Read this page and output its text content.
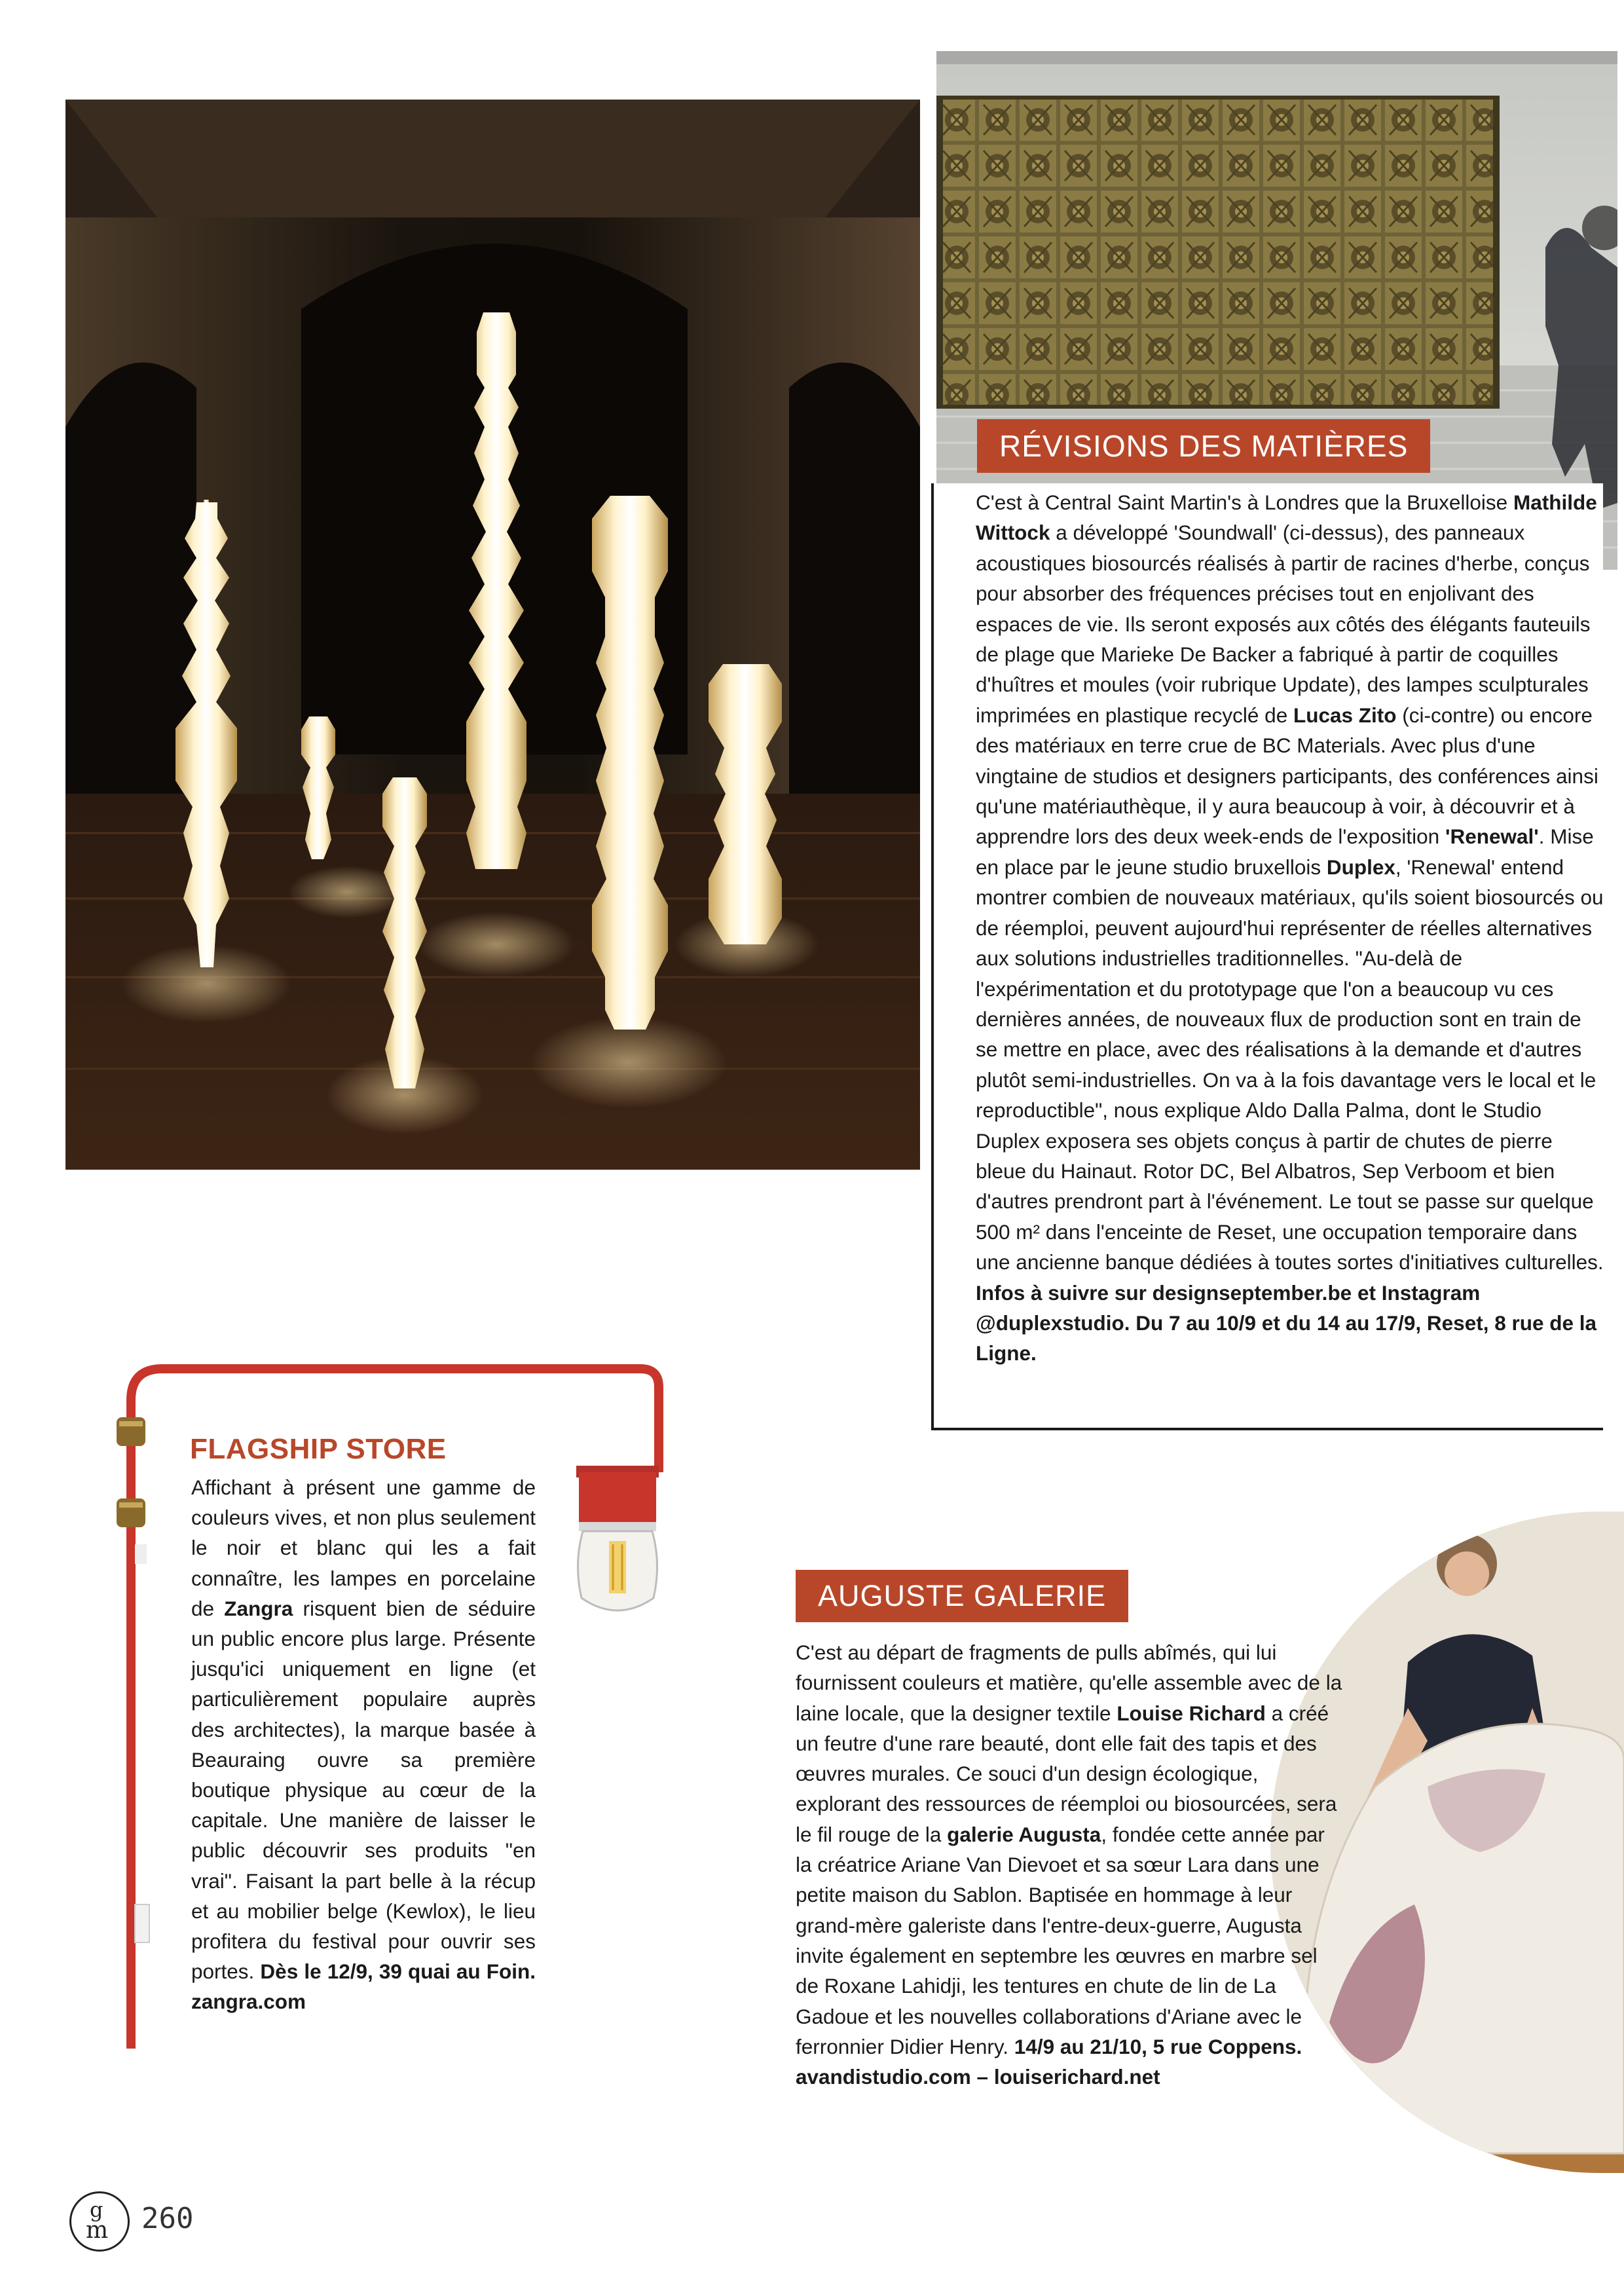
RÉVISIONS DES MATIÈRES

C'est à Central Saint Martin's à Londres que la Bruxelloise Mathilde Wittock a développé 'Soundwall' (ci-dessus), des panneaux acoustiques biosourcés réalisés à partir de racines d'herbe, conçus pour absorber des fréquences précises tout en enjolivant des espaces de vie. Ils seront exposés aux côtés des élégants fauteuils de plage que Marieke De Backer a fabriqué à partir de coquilles d'huîtres et moules (voir rubrique Update), des lampes sculpturales imprimées en plastique recyclé de Lucas Zito (ci-contre) ou encore des matériaux en terre crue de BC Materials. Avec plus d'une vingtaine de studios et designers participants, des conférences ainsi qu'une matériauthèque, il y aura beaucoup à voir, à découvrir et à apprendre lors des deux week-ends de l'exposition 'Renewal'. Mise en place par le jeune studio bruxellois Duplex, 'Renewal' entend montrer combien de nouveaux matériaux, qu'ils soient biosourcés ou de réemploi, peuvent aujourd'hui représenter de réelles alternatives aux solutions industrielles traditionnelles. "Au-delà de l'expérimentation et du prototypage que l'on a beaucoup vu ces dernières années, de nouveaux flux de production sont en train de se mettre en place, avec des réalisations à la demande et d'autres plutôt semi-industrielles. On va à la fois davantage vers le local et le reproductible", nous explique Aldo Dalla Palma, dont le Studio Duplex exposera ses objets conçus à partir de chutes de pierre bleue du Hainaut. Rotor DC, Bel Albatros, Sep Verboom et bien d'autres prendront part à l'événement. Le tout se passe sur quelque 500 m² dans l'enceinte de Reset, une occupation temporaire dans une ancienne banque dédiées à toutes sortes d'initiatives culturelles. Infos à suivre sur designseptember.be et Instagram @duplexstudio. Du 7 au 10/9 et du 14 au 17/9, Reset, 8 rue de la Ligne.

FLAGSHIP STORE

Affichant à présent une gamme de couleurs vives, et non plus seulement le noir et blanc qui les a fait connaître, les lampes en porcelaine de Zangra risquent bien de séduire un public encore plus large. Présente jusqu'ici uniquement en ligne (et particulièrement populaire auprès des architectes), la marque basée à Beauraing ouvre sa première boutique physique au cœur de la capitale. Une manière de laisser le public découvrir ses produits "en vrai". Faisant la part belle à la récup et au mobilier belge (Kewlox), le lieu profitera du festival pour ouvrir ses portes. Dès le 12/9, 39 quai au Foin. zangra.com

AUGUSTE GALERIE

C'est au départ de fragments de pulls abîmés, qui lui fournissent couleurs et matière, qu'elle assemble avec de la laine locale, que la designer textile Louise Richard a créé un feutre d'une rare beauté, dont elle fait des tapis et des œuvres murales. Ce souci d'un design écologique, explorant des ressources de réemploi ou biosourcées, sera le fil rouge de la galerie Augusta, fondée cette année par la créatrice Ariane Van Dievoet et sa sœur Lara dans une petite maison du Sablon. Baptisée en hommage à leur grand-mère galeriste dans l'entre-deux-guerre, Augusta invite également en septembre les œuvres en marbre sel de Roxane Lahidji, les tentures en chute de lin de La Gadoue et les nouvelles collaborations d'Ariane avec le ferronnier Didier Henry. 14/9 au 21/10, 5 rue Coppens. avandistudio.com – louiserichard.net

g
m 260
